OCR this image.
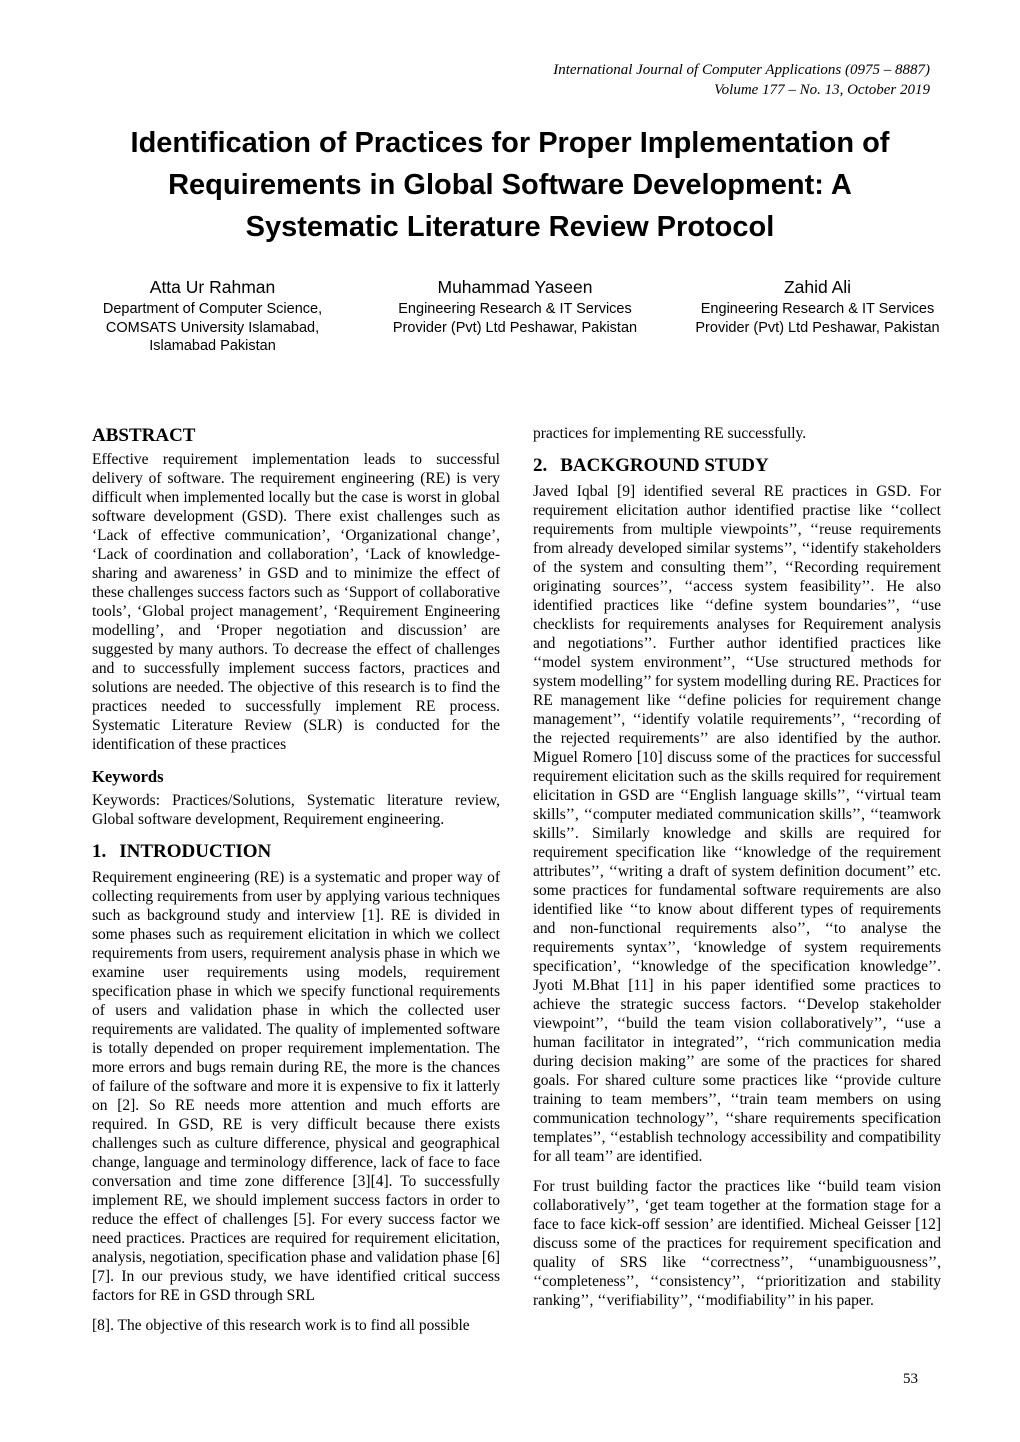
International Journal of Computer Applications (0975 – 8887)
Volume 177 – No. 13, October 2019
Identification of Practices for Proper Implementation of Requirements in Global Software Development: A Systematic Literature Review Protocol
Atta Ur Rahman
Department of Computer Science, COMSATS University Islamabad, Islamabad Pakistan
Muhammad Yaseen
Engineering Research & IT Services Provider (Pvt) Ltd Peshawar, Pakistan
Zahid Ali
Engineering Research & IT Services Provider (Pvt) Ltd Peshawar, Pakistan
ABSTRACT

Effective requirement implementation leads to successful delivery of software. The requirement engineering (RE) is very difficult when implemented locally but the case is worst in global software development (GSD). There exist challenges such as ‘Lack of effective communication’, ‘Organizational change’, ‘Lack of coordination and collaboration’, ‘Lack of knowledge-sharing and awareness’ in GSD and to minimize the effect of these challenges success factors such as ‘Support of collaborative tools’, ‘Global project management’, ‘Requirement Engineering modelling’, and ‘Proper negotiation and discussion’ are suggested by many authors. To decrease the effect of challenges and to successfully implement success factors, practices and solutions are needed. The objective of this research is to find the practices needed to successfully implement RE process. Systematic Literature Review (SLR) is conducted for the identification of these practices

Keywords

Keywords: Practices/Solutions, Systematic literature review, Global software development, Requirement engineering.

1. INTRODUCTION

Requirement engineering (RE) is a systematic and proper way of collecting requirements from user by applying various techniques such as background study and interview [1]. RE is divided in some phases such as requirement elicitation in which we collect requirements from users, requirement analysis phase in which we examine user requirements using models, requirement specification phase in which we specify functional requirements of users and validation phase in which the collected user requirements are validated. The quality of implemented software is totally depended on proper requirement implementation. The more errors and bugs remain during RE, the more is the chances of failure of the software and more it is expensive to fix it latterly on [2]. So RE needs more attention and much efforts are required. In GSD, RE is very difficult because there exists challenges such as culture difference, physical and geographical change, language and terminology difference, lack of face to face conversation and time zone difference [3][4]. To successfully implement RE, we should implement success factors in order to reduce the effect of challenges [5]. For every success factor we need practices. Practices are required for requirement elicitation, analysis, negotiation, specification phase and validation phase [6][7]. In our previous study, we have identified critical success factors for RE in GSD through SRL

[8]. The objective of this research work is to find all possible

practices for implementing RE successfully.

2. BACKGROUND STUDY

Javed Iqbal [9] identified several RE practices in GSD. For requirement elicitation author identified practise like ‘‘collect requirements from multiple viewpoints’’, ‘‘reuse requirements from already developed similar systems’’, ‘‘identify stakeholders of the system and consulting them’’, ‘‘Recording requirement originating sources’’, ‘‘access system feasibility’’. He also identified practices like ‘‘define system boundaries’’, ‘‘use checklists for requirements analyses for Requirement analysis and negotiations’’. Further author identified practices like ‘‘model system environment’’, ‘‘Use structured methods for system modelling’’ for system modelling during RE. Practices for RE management like ‘‘define policies for requirement change management’’, ‘‘identify volatile requirements’’, ‘‘recording of the rejected requirements’’ are also identified by the author. Miguel Romero [10] discuss some of the practices for successful requirement elicitation such as the skills required for requirement elicitation in GSD are ‘‘English language skills’’, ‘‘virtual team skills’’, ‘‘computer mediated communication skills’’, ‘‘teamwork skills’’. Similarly knowledge and skills are required for requirement specification like ‘‘knowledge of the requirement attributes’’, ‘‘writing a draft of system definition document’’ etc. some practices for fundamental software requirements are also identified like ‘‘to know about different types of requirements and non-functional requirements also’’, ‘‘to analyse the requirements syntax’’, ‘knowledge of system requirements specification’, ‘‘knowledge of the specification knowledge’’. Jyoti M.Bhat [11] in his paper identified some practices to achieve the strategic success factors. ‘‘Develop stakeholder viewpoint’’, ‘‘build the team vision collaboratively’’, ‘‘use a human facilitator in integrated’’, ‘‘rich communication media during decision making’’ are some of the practices for shared goals. For shared culture some practices like ‘‘provide culture training to team members’’, ‘‘train team members on using communication technology’’, ‘‘share requirements specification templates’’, ‘‘establish technology accessibility and compatibility for all team’’ are identified.

For trust building factor the practices like ‘‘build team vision collaboratively’’, ‘get team together at the formation stage for a face to face kick-off session’ are identified. Micheal Geisser [12] discuss some of the practices for requirement specification and quality of SRS like ‘‘correctness’’, ‘‘unambiguousness’’, ‘‘completeness’’, ‘‘consistency’’, ‘‘prioritization and stability ranking’’, ‘‘verifiability’’, ‘‘modifiability’’ in his paper.

53
